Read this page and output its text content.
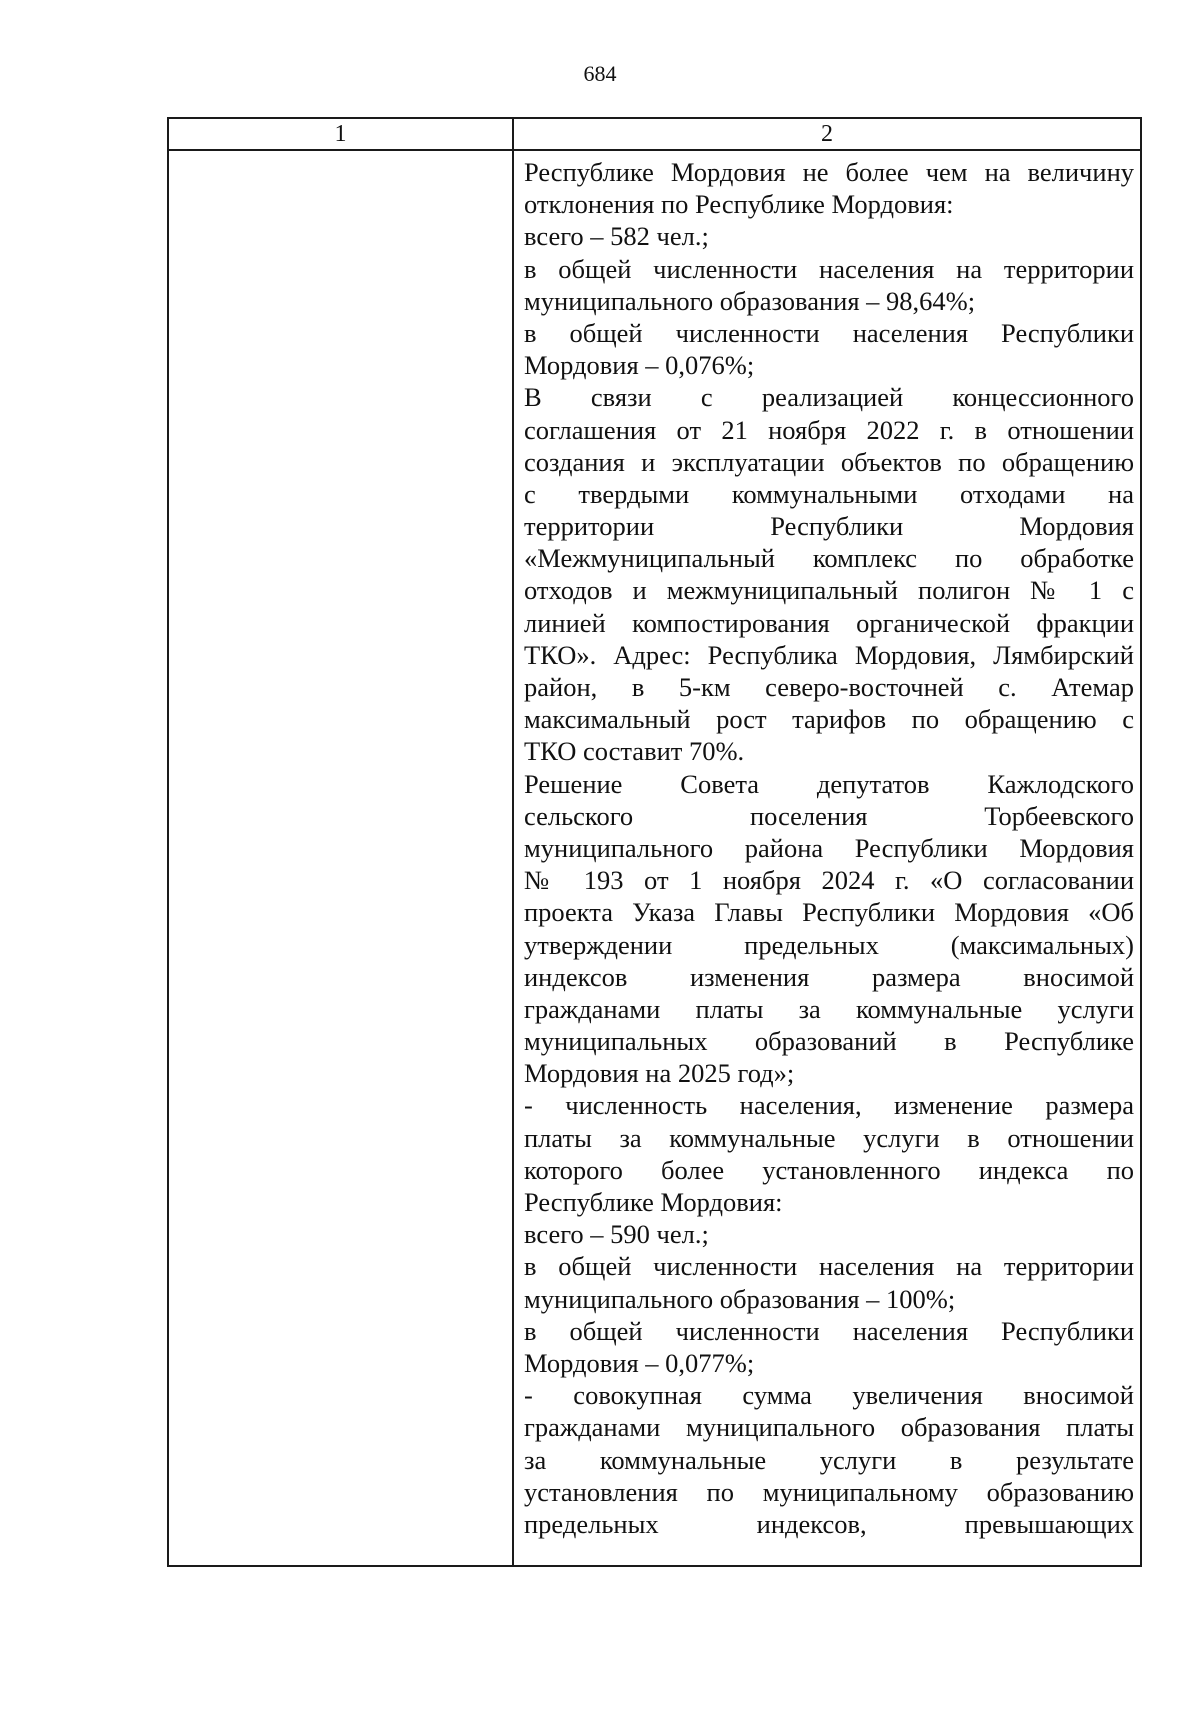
684
1	2
Республике Мордовия не более чем на величину
отклонения по Республике Мордовия:
всего – 582 чел.;
в общей численности населения на территории
муниципального образования – 98,64%;
в общей численности населения Республики
Мордовия – 0,076%;
В связи с реализацией концессионного
соглашения от 21 ноября 2022 г. в отношении
создания и эксплуатации объектов по обращению
с твердыми коммунальными отходами на
территории Республики Мордовия
«Межмуниципальный комплекс по обработке
отходов и межмуниципальный полигон № 1 с
линией компостирования органической фракции
ТКО». Адрес: Республика Мордовия, Лямбирский
район, в 5-км северо-восточней с. Атемар
максимальный рост тарифов по обращению с
ТКО составит 70%.
Решение Совета депутатов Кажлодского
сельского поселения Торбеевского
муниципального района Республики Мордовия
№ 193 от 1 ноября 2024 г. «О согласовании
проекта Указа Главы Республики Мордовия «Об
утверждении предельных (максимальных)
индексов изменения размера вносимой
гражданами платы за коммунальные услуги
муниципальных образований в Республике
Мордовия на 2025 год»;
- численность населения, изменение размера
платы за коммунальные услуги в отношении
которого более установленного индекса по
Республике Мордовия:
всего – 590 чел.;
в общей численности населения на территории
муниципального образования – 100%;
в общей численности населения Республики
Мордовия – 0,077%;
- совокупная сумма увеличения вносимой
гражданами муниципального образования платы
за коммунальные услуги в результате
установления по муниципальному образованию
предельных индексов, превышающих
